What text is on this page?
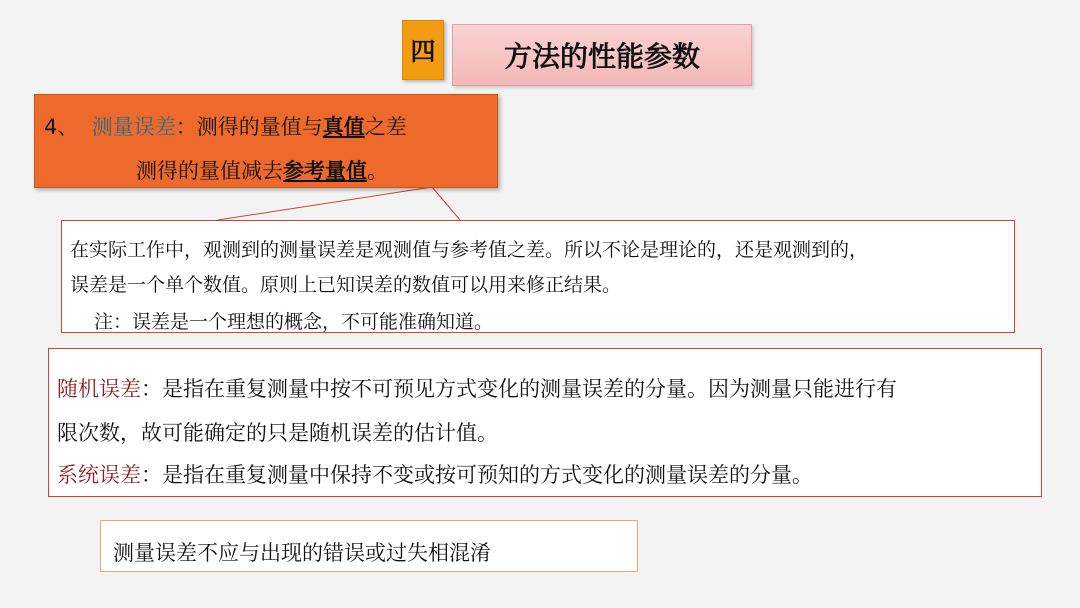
四 方法的性能参数
4、 测量误差：测得的量值与真值之差
测得的量值减去参考量值。
在实际工作中，观测到的测量误差是观测值与参考值之差。所以不论是理论的，还是观测到的，
误差是一个单个数值。原则上已知误差的数值可以用来修正结果。
注：误差是一个理想的概念，不可能准确知道。
随机误差：是指在重复测量中按不可预见方式变化的测量误差的分量。因为测量只能进行有
限次数，故可能确定的只是随机误差的估计值。
系统误差：是指在重复测量中保持不变或按可预知的方式变化的测量误差的分量。
测量误差不应与出现的错误或过失相混淆
